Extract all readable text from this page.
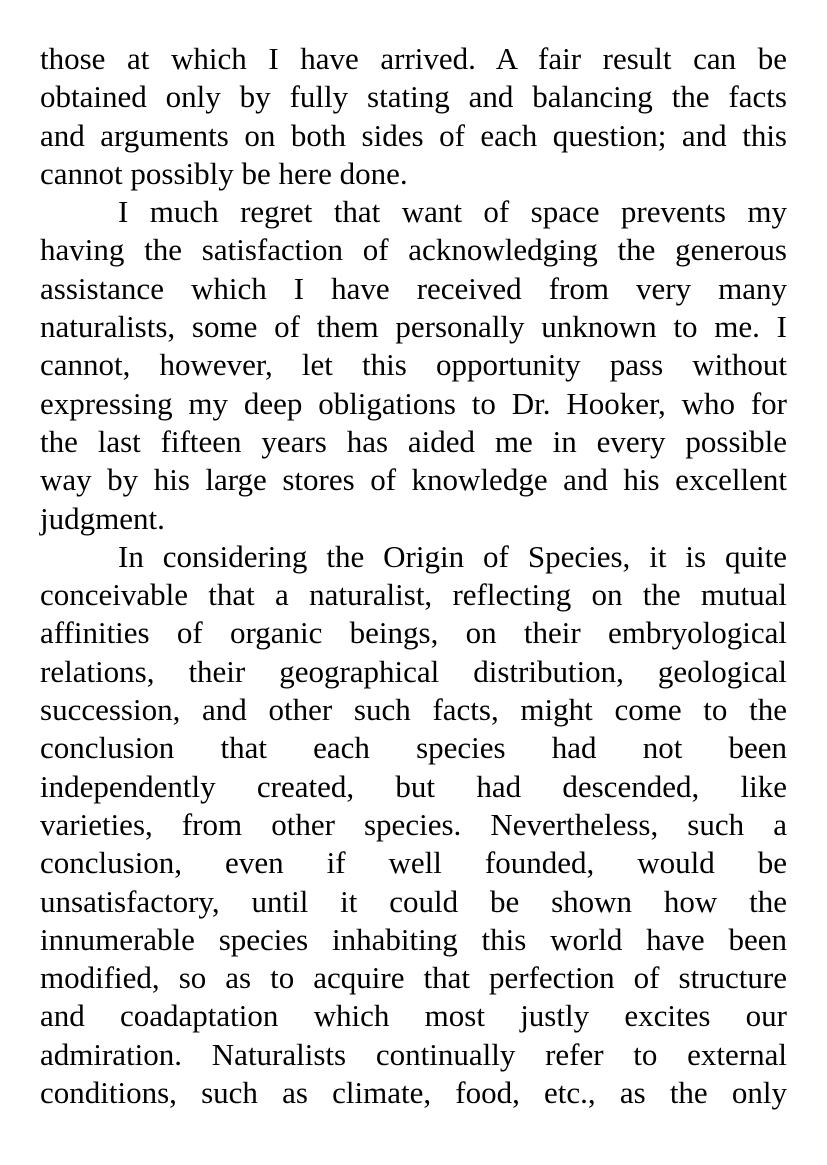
those at which I have arrived. A fair result can be
obtained only by fully stating and balancing the facts
and arguments on both sides of each question; and this
cannot possibly be here done.
I much regret that want of space prevents my
having the satisfaction of acknowledging the generous
assistance which I have received from very many
naturalists, some of them personally unknown to me. I
cannot, however, let this opportunity pass without
expressing my deep obligations to Dr. Hooker, who for
the last fifteen years has aided me in every possible
way by his large stores of knowledge and his excellent
judgment.
In considering the Origin of Species, it is quite
conceivable that a naturalist, reflecting on the mutual
affinities of organic beings, on their embryological
relations, their geographical distribution, geological
succession, and other such facts, might come to the
conclusion that each species had not been
independently created, but had descended, like
varieties, from other species. Nevertheless, such a
conclusion, even if well founded, would be
unsatisfactory, until it could be shown how the
innumerable species inhabiting this world have been
modified, so as to acquire that perfection of structure
and coadaptation which most justly excites our
admiration. Naturalists continually refer to external
conditions, such as climate, food, etc., as the only
